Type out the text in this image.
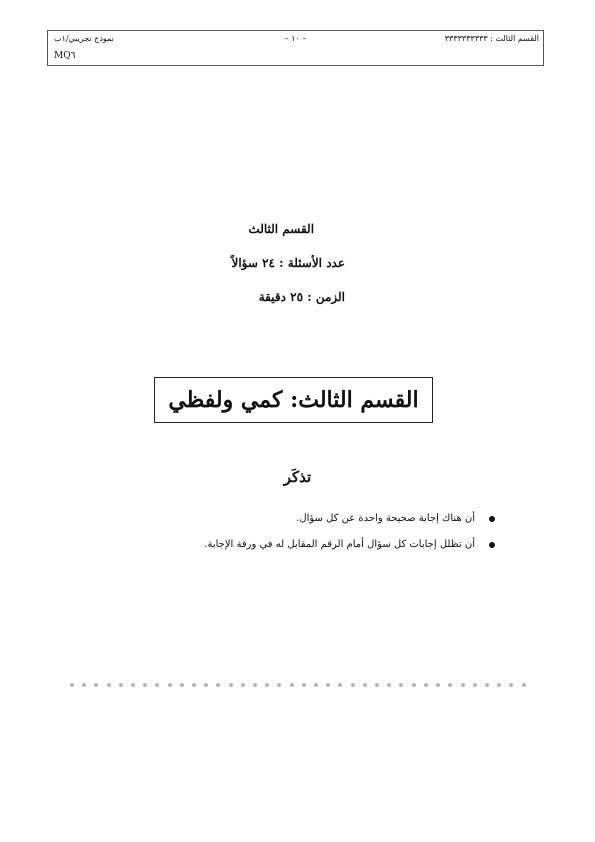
القسم الثالث : ٣٣٣٣٣٣٣٣٣٣
– ١٠ –
نموذج تجريبي/١ب
MQ٦
القسم الثالث
عدد الأسئلة : ٢٤ سؤالاً
الزمن : ٢٥ دقيقة
القسم الثالث: كمي ولفظي
تذكَر
أن هناك إجابة صحيحة واحدة عن كل سؤال.
أن تظلل إجابات كل سؤال أمام الرقم المقابل له في ورقة الإجابة.
